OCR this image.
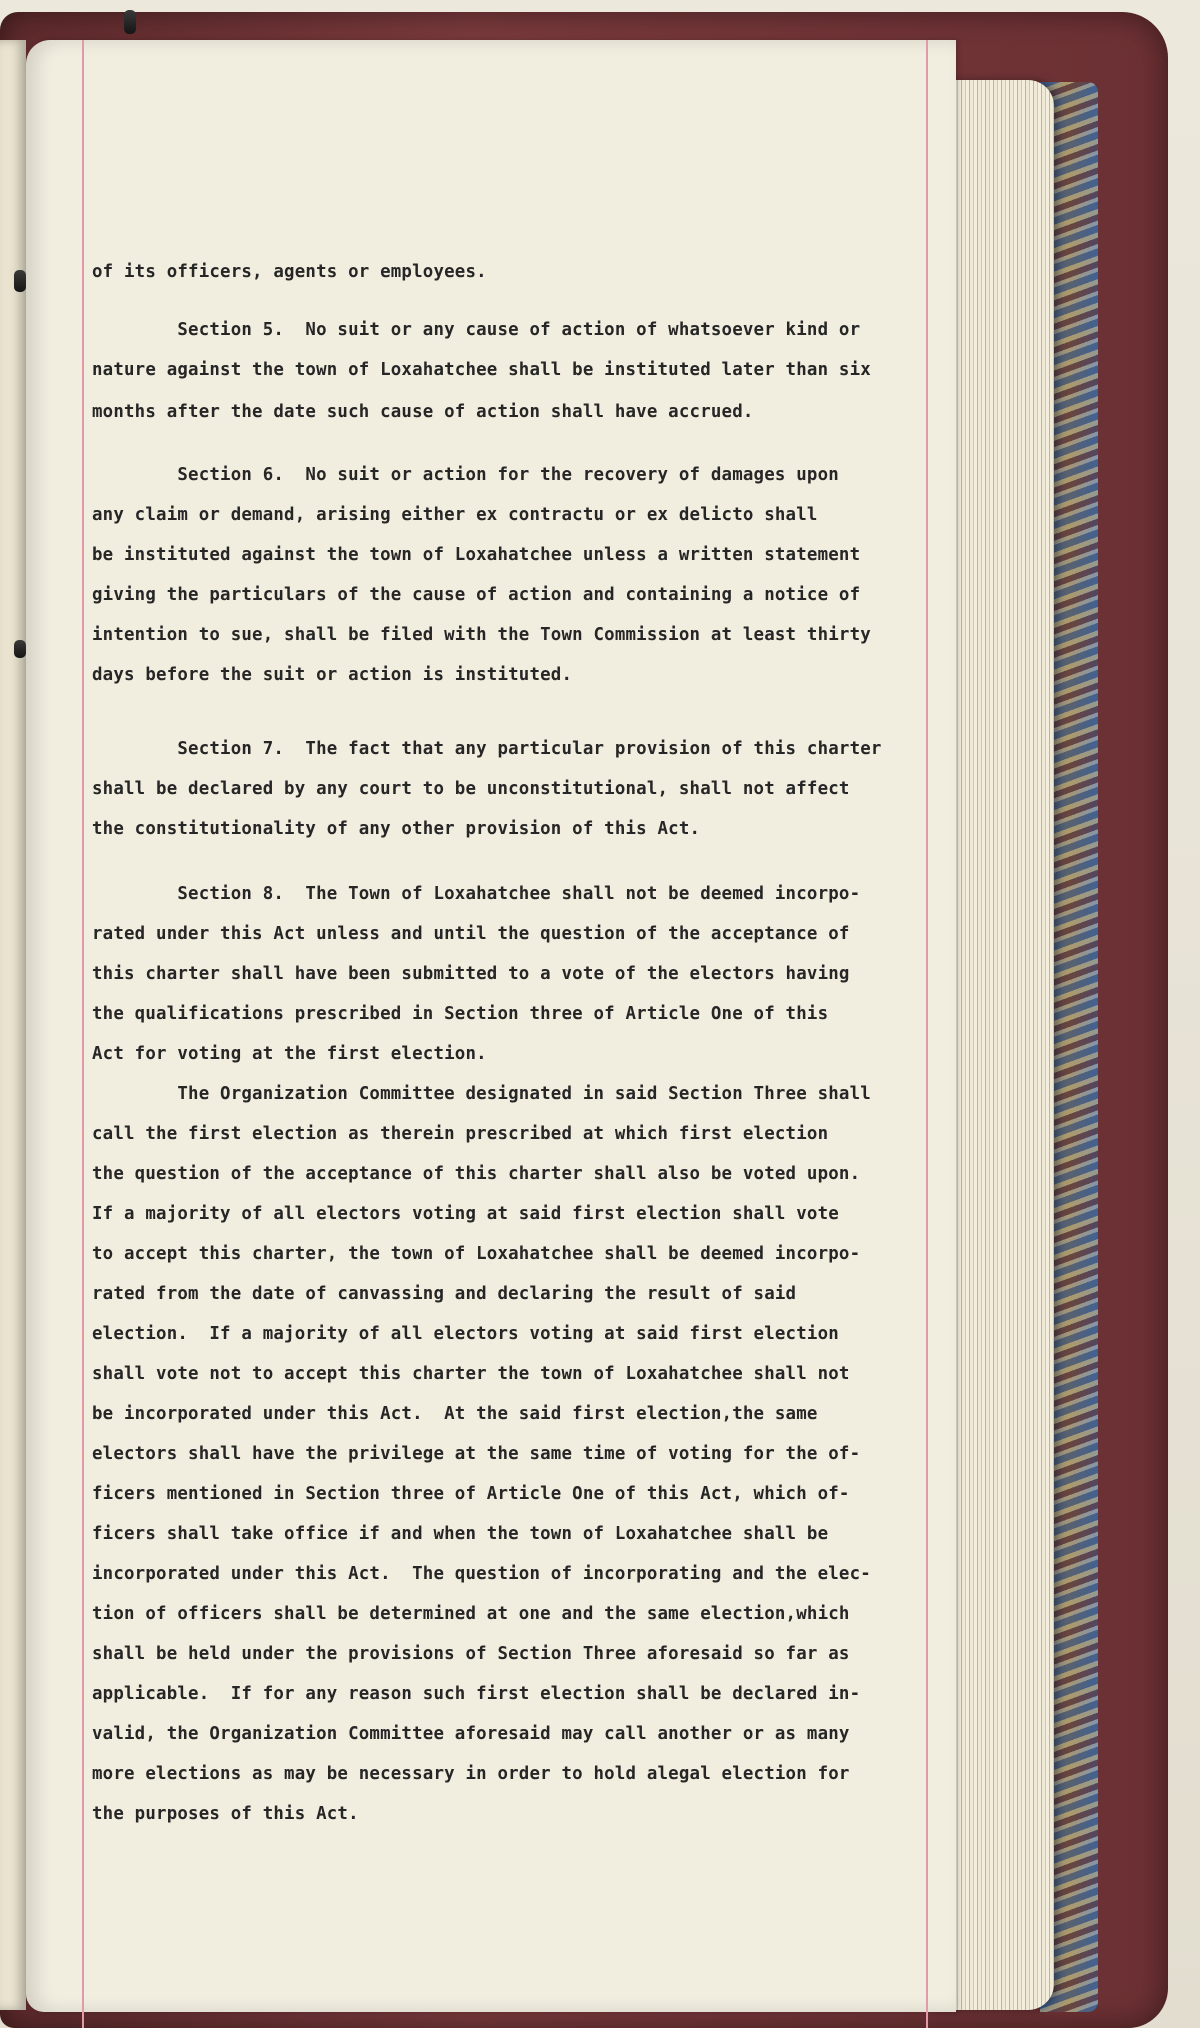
of its officers, agents or employees.

Section 5.  No suit or any cause of action of whatsoever kind or

nature against the town of Loxahatchee shall be instituted later than six

months after the date such cause of action shall have accrued.

Section 6.  No suit or action for the recovery of damages upon

any claim or demand, arising either ex contractu or ex delicto shall

be instituted against the town of Loxahatchee unless a written statement

giving the particulars of the cause of action and containing a notice of

intention to sue, shall be filed with the Town Commission at least thirty

days before the suit or action is instituted.

Section 7.  The fact that any particular provision of this charter

shall be declared by any court to be unconstitutional, shall not affect

the constitutionality of any other provision of this Act.

Section 8.  The Town of Loxahatchee shall not be deemed incorpo-

rated under this Act unless and until the question of the acceptance of

this charter shall have been submitted to a vote of the electors having

the qualifications prescribed in Section three of Article One of this

Act for voting at the first election.

The Organization Committee designated in said Section Three shall

call the first election as therein prescribed at which first election

the question of the acceptance of this charter shall also be voted upon.

If a majority of all electors voting at said first election shall vote

to accept this charter, the town of Loxahatchee shall be deemed incorpo-

rated from the date of canvassing and declaring the result of said

election.  If a majority of all electors voting at said first election

shall vote not to accept this charter the town of Loxahatchee shall not

be incorporated under this Act.  At the said first election,the same

electors shall have the privilege at the same time of voting for the of-

ficers mentioned in Section three of Article One of this Act, which of-

ficers shall take office if and when the town of Loxahatchee shall be

incorporated under this Act.  The question of incorporating and the elec-

tion of officers shall be determined at one and the same election,which

shall be held under the provisions of Section Three aforesaid so far as

applicable.  If for any reason such first election shall be declared in-

valid, the Organization Committee aforesaid may call another or as many

more elections as may be necessary in order to hold alegal election for

the purposes of this Act.
